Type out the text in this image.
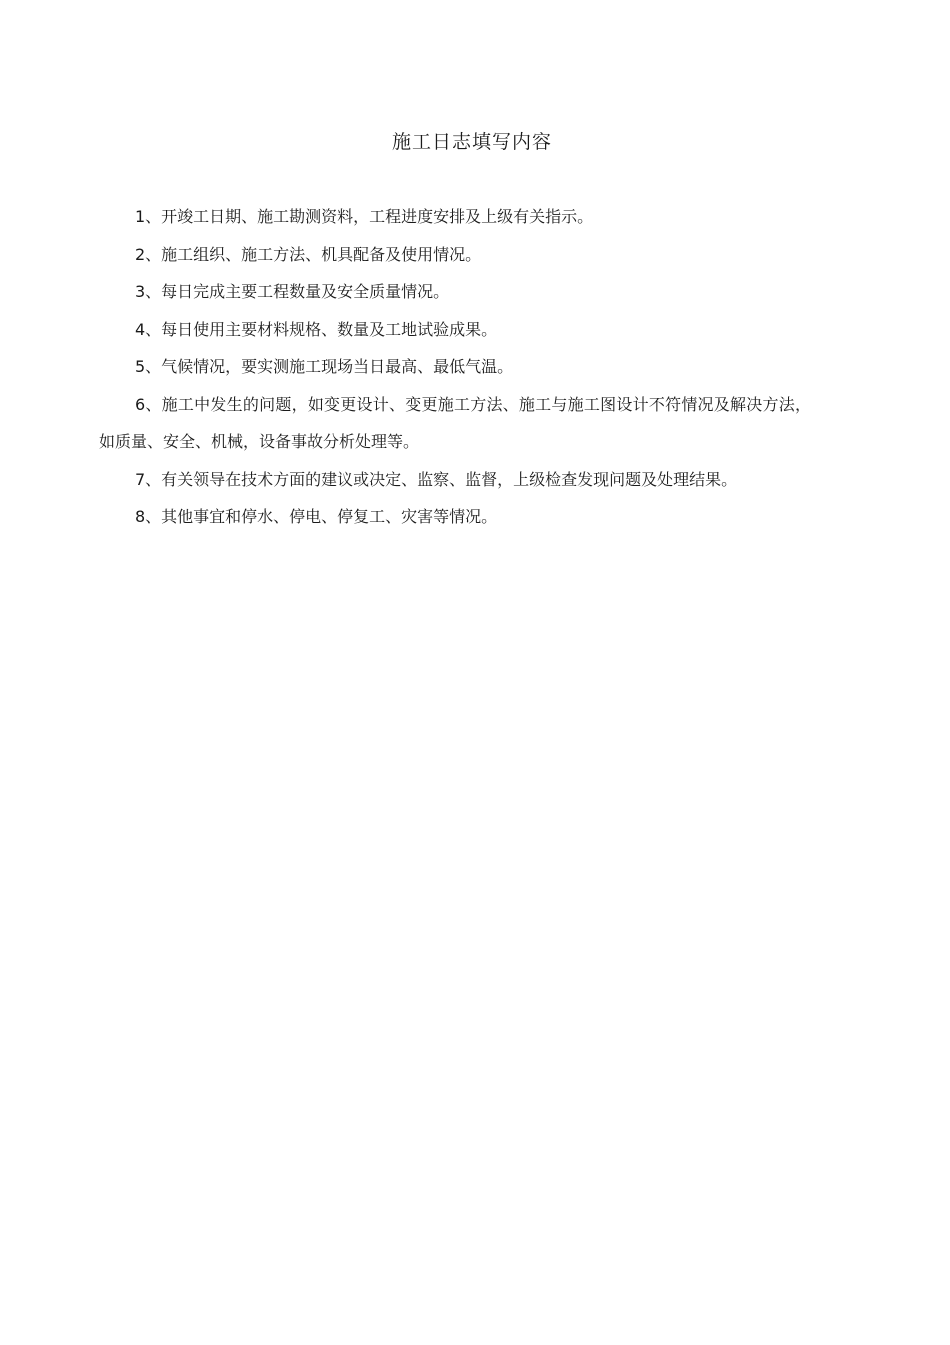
施工日志填写内容

1、开竣工日期、施工勘测资料，工程进度安排及上级有关指示。

2、施工组织、施工方法、机具配备及使用情况。

3、每日完成主要工程数量及安全质量情况。

4、每日使用主要材料规格、数量及工地试验成果。

5、气候情况，要实测施工现场当日最高、最低气温。

6、施工中发生的问题，如变更设计、变更施工方法、施工与施工图设计不符情况及解决方法，如质量、安全、机械，设备事故分析处理等。

7、有关领导在技术方面的建议或决定、监察、监督，上级检查发现问题及处理结果。

8、其他事宜和停水、停电、停复工、灾害等情况。
